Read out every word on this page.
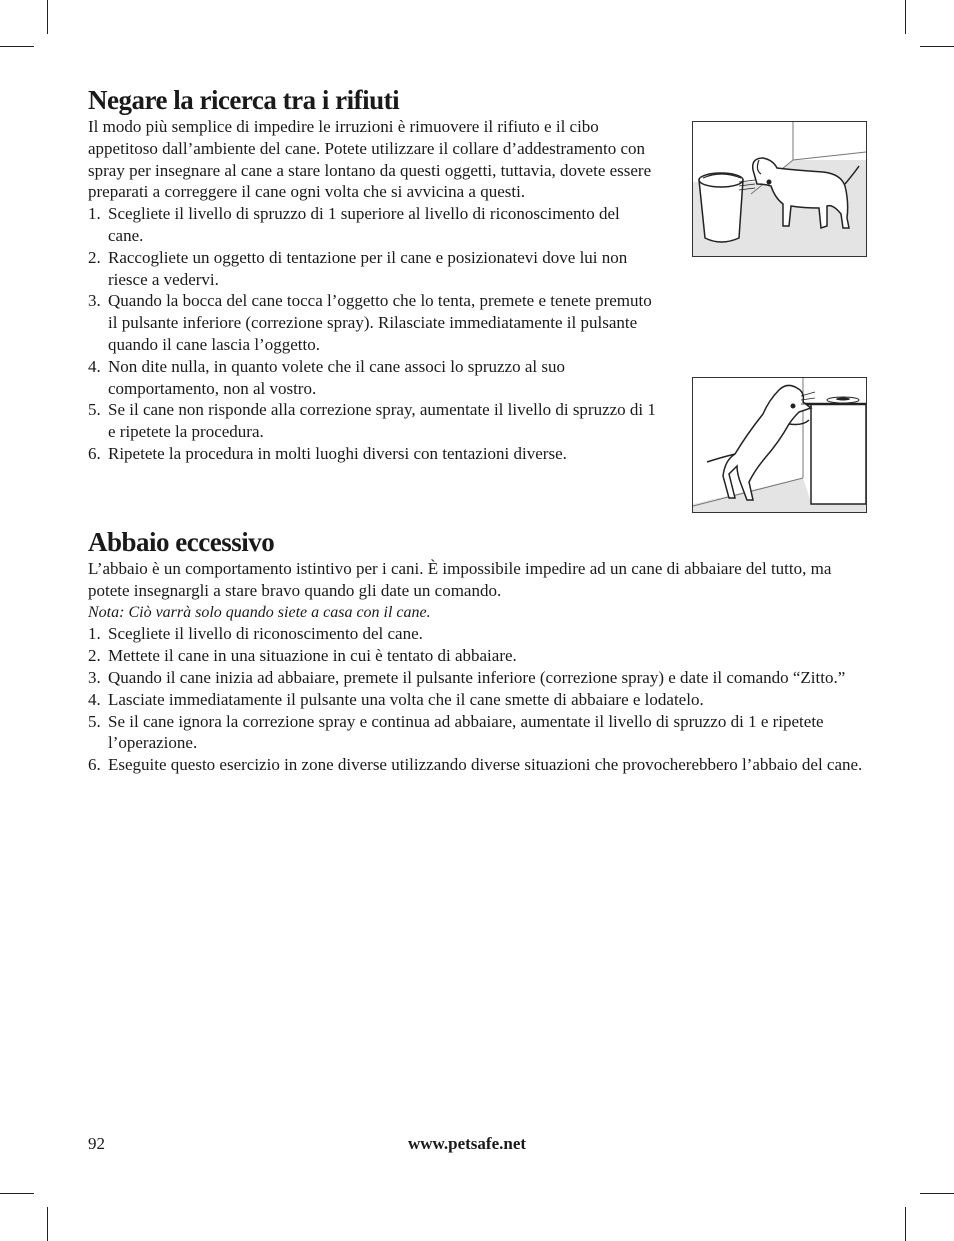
Negare la ricerca tra i rifiuti

Il modo più semplice di impedire le irruzioni è rimuovere il rifiuto e il cibo appetitoso dall’ambiente del cane. Potete utilizzare il collare d’addestramento con spray per insegnare al cane a stare lontano da questi oggetti, tuttavia, dovete essere preparati a correggere il cane ogni volta che si avvicina a questi.

1. Scegliete il livello di spruzzo di 1 superiore al livello di riconoscimento del cane.
2. Raccogliete un oggetto di tentazione per il cane e posizionatevi dove lui non riesce a vedervi.
3. Quando la bocca del cane tocca l’oggetto che lo tenta, premete e tenete premuto il pulsante inferiore (correzione spray). Rilasciate immediatamente il pulsante quando il cane lascia l’oggetto.
4. Non dite nulla, in quanto volete che il cane associ lo spruzzo al suo comportamento, non al vostro.
5. Se il cane non risponde alla correzione spray, aumentate il livello di spruzzo di 1 e ripetete la procedura.
6. Ripetete la procedura in molti luoghi diversi con tentazioni diverse.
Abbaio eccessivo

L’abbaio è un comportamento istintivo per i cani. È impossibile impedire ad un cane di abbaiare del tutto, ma potete insegnargli a stare bravo quando gli date un comando.

Nota: Ciò varrà solo quando siete a casa con il cane.

1. Scegliete il livello di riconoscimento del cane.
2. Mettete il cane in una situazione in cui è tentato di abbaiare.
3. Quando il cane inizia ad abbaiare, premete il pulsante inferiore (correzione spray) e date il comando “Zitto.”
4. Lasciate immediatamente il pulsante una volta che il cane smette di abbaiare e lodatelo.
5. Se il cane ignora la correzione spray e continua ad abbaiare, aumentate il livello di spruzzo di 1 e ripetete l’operazione.
6. Eseguite questo esercizio in zone diverse utilizzando diverse situazioni che provocherebbero l’abbaio del cane.
92	www.petsafe.net
